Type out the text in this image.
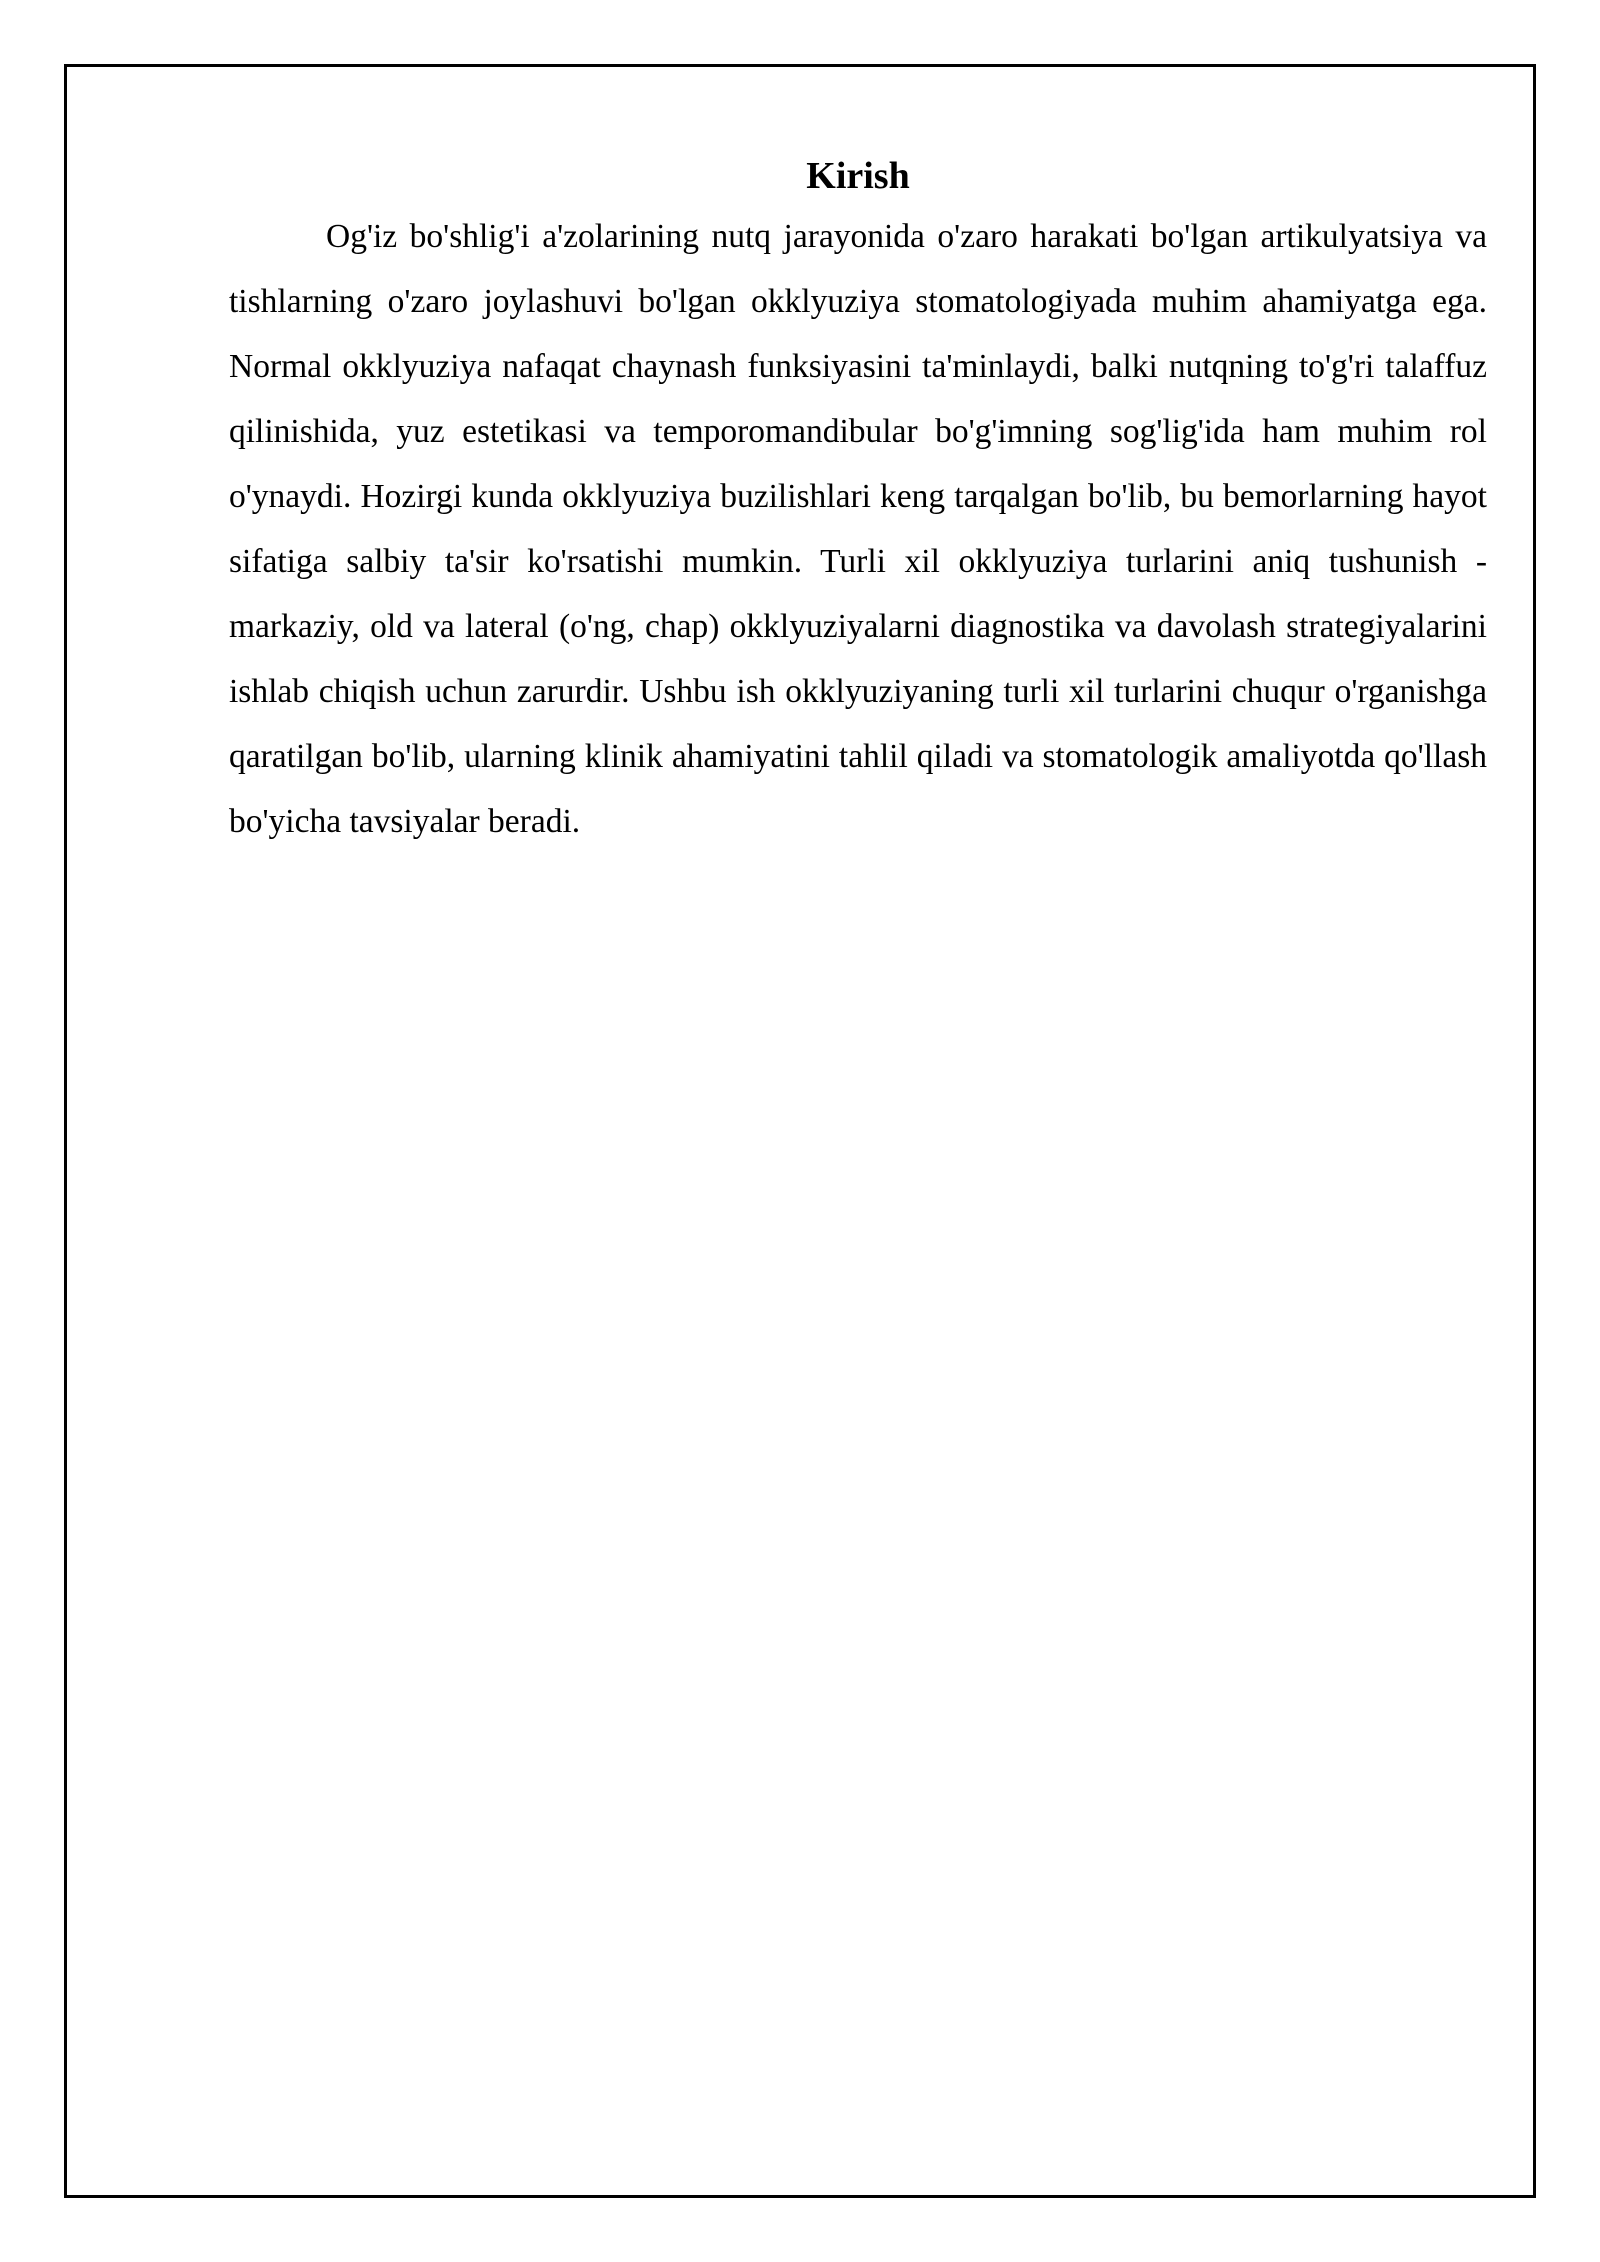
Kirish

Og'iz bo'shlig'i a'zolarining nutq jarayonida o'zaro harakati bo'lgan artikulyatsiya va tishlarning o'zaro joylashuvi bo'lgan okklyuziya stomatologiyada muhim ahamiyatga ega. Normal okklyuziya nafaqat chaynash funksiyasini ta'minlaydi, balki nutqning to'g'ri talaffuz qilinishida, yuz estetikasi va temporomandibular bo'g'imning sog'lig'ida ham muhim rol o'ynaydi. Hozirgi kunda okklyuziya buzilishlari keng tarqalgan bo'lib, bu bemorlarning hayot sifatiga salbiy ta'sir ko'rsatishi mumkin. Turli xil okklyuziya turlarini aniq tushunish - markaziy, old va lateral (o'ng, chap) okklyuziyalarni diagnostika va davolash strategiyalarini ishlab chiqish uchun zarurdir. Ushbu ish okklyuziyaning turli xil turlarini chuqur o'rganishga qaratilgan bo'lib, ularning klinik ahamiyatini tahlil qiladi va stomatologik amaliyotda qo'llash bo'yicha tavsiyalar beradi.
